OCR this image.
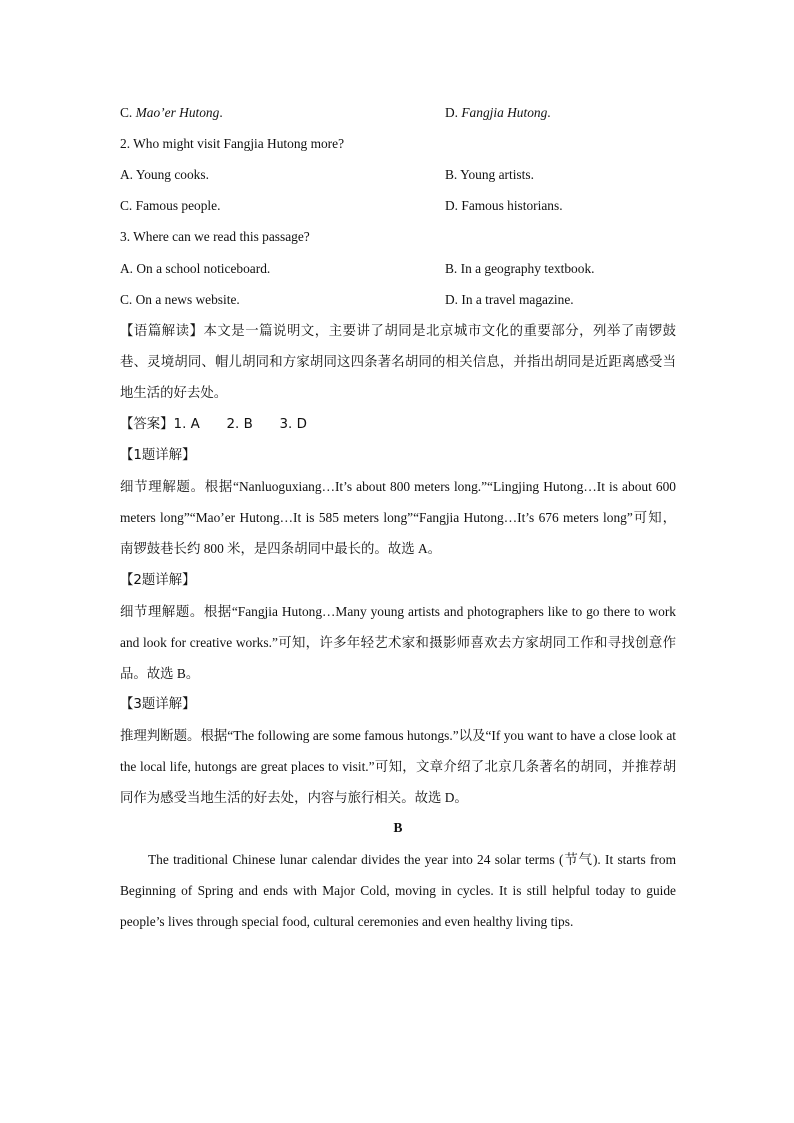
C. Mao’er Hutong.	D. Fangjia Hutong.
2. Who might visit Fangjia Hutong more?
A. Young cooks.	B. Young artists.
C. Famous people.	D. Famous historians.
3. Where can we read this passage?
A. On a school noticeboard.	B. In a geography textbook.
C. On a news website.	D. In a travel magazine.

【语篇解读】本文是一篇说明文，主要讲了胡同是北京城市文化的重要部分，列举了南锣鼓巷、灵境胡同、帽儿胡同和方家胡同这四条著名胡同的相关信息，并指出胡同是近距离感受当地生活的好去处。

【答案】1. A　　2. B　　3. D

【1题详解】

细节理解题。根据“Nanluoguxiang…It’s about 800 meters long.”“Lingjing Hutong…It is about 600 meters long”“Mao’er Hutong…It is 585 meters long”“Fangjia Hutong…It’s 676 meters long”可知，南锣鼓巷长约 800 米，是四条胡同中最长的。故选 A。

【2题详解】

细节理解题。根据“Fangjia Hutong…Many young artists and photographers like to go there to work and look for creative works.”可知，许多年轻艺术家和摄影师喜欢去方家胡同工作和寻找创意作品。故选 B。

【3题详解】

推理判断题。根据“The following are some famous hutongs.”以及“If you want to have a close look at the local life, hutongs are great places to visit.”可知，文章介绍了北京几条著名的胡同，并推荐胡同作为感受当地生活的好去处，内容与旅行相关。故选 D。

B

The traditional Chinese lunar calendar divides the year into 24 solar terms (节气). It starts from Beginning of Spring and ends with Major Cold, moving in cycles. It is still helpful today to guide people’s lives through special food, cultural ceremonies and even healthy living tips.
